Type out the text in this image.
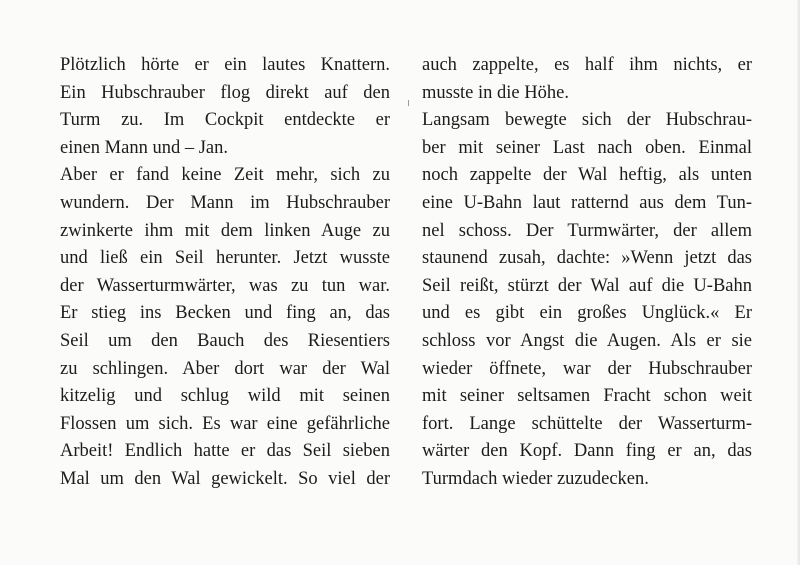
Plötzlich hörte er ein lautes Knattern.
Ein Hubschrauber flog direkt auf den
Turm zu. Im Cockpit entdeckte er
einen Mann und – Jan.
Aber er fand keine Zeit mehr, sich zu
wundern. Der Mann im Hubschrauber
zwinkerte ihm mit dem linken Auge zu
und ließ ein Seil herunter. Jetzt wusste
der Wasserturmwärter, was zu tun war.
Er stieg ins Becken und fing an, das
Seil um den Bauch des Riesentiers
zu schlingen. Aber dort war der Wal
kitzelig und schlug wild mit seinen
Flossen um sich. Es war eine gefährliche
Arbeit! Endlich hatte er das Seil sieben
Mal um den Wal gewickelt. So viel der
auch zappelte, es half ihm nichts, er
musste in die Höhe.
Langsam bewegte sich der Hubschrau-
ber mit seiner Last nach oben. Einmal
noch zappelte der Wal heftig, als unten
eine U-Bahn laut ratternd aus dem Tun-
nel schoss. Der Turmwärter, der allem
staunend zusah, dachte: »Wenn jetzt das
Seil reißt, stürzt der Wal auf die U-Bahn
und es gibt ein großes Unglück.« Er
schloss vor Angst die Augen. Als er sie
wieder öffnete, war der Hubschrauber
mit seiner seltsamen Fracht schon weit
fort. Lange schüttelte der Wasserturm-
wärter den Kopf. Dann fing er an, das
Turmdach wieder zuzudecken.
